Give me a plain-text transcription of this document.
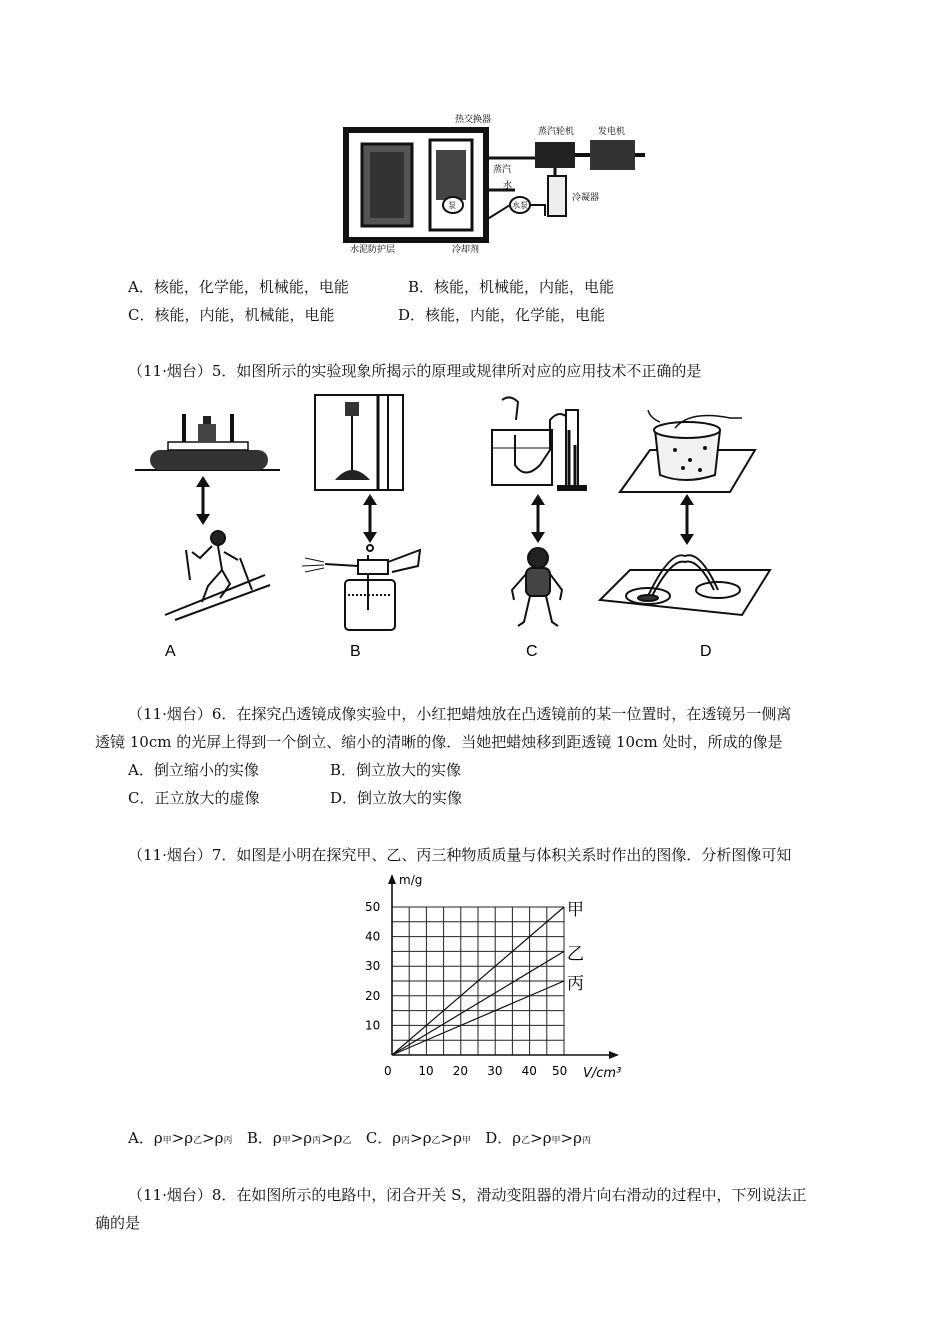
热交换器
蒸汽轮机	发电机
蒸汽
水
泵	水泵
冷凝器
水泥防护层	冷却剂
A．核能，化学能，机械能，电能	B．核能，机械能，内能，电能
C．核能，内能，机械能，电能	D．核能，内能，化学能，电能
（11·烟台）5．如图所示的实验现象所揭示的原理或规律所对应的应用技术不正确的是
A	B	C	D
（11·烟台）6．在探究凸透镜成像实验中，小红把蜡烛放在凸透镜前的某一位置时，在透镜另一侧离
透镜 10cm 的光屏上得到一个倒立、缩小的清晰的像．当她把蜡烛移到距透镜 10cm 处时，所成的像是
A．倒立缩小的实像	B．倒立放大的实像
C．正立放大的虚像	D．倒立放大的实像
（11·烟台）7．如图是小明在探究甲、乙、丙三种物质质量与体积关系时作出的图像．分析图像可知
甲
乙
丙
0 10 20 30 40 50
10
20
30
40
50
m/g
V/cm³
A．ρ甲>ρ乙>ρ丙 B．ρ甲>ρ丙>ρ乙 C．ρ丙>ρ乙>ρ甲 D．ρ乙>ρ甲>ρ丙
（11·烟台）8．在如图所示的电路中，闭合开关 S，滑动变阻器的滑片向右滑动的过程中，下列说法正
确的是
